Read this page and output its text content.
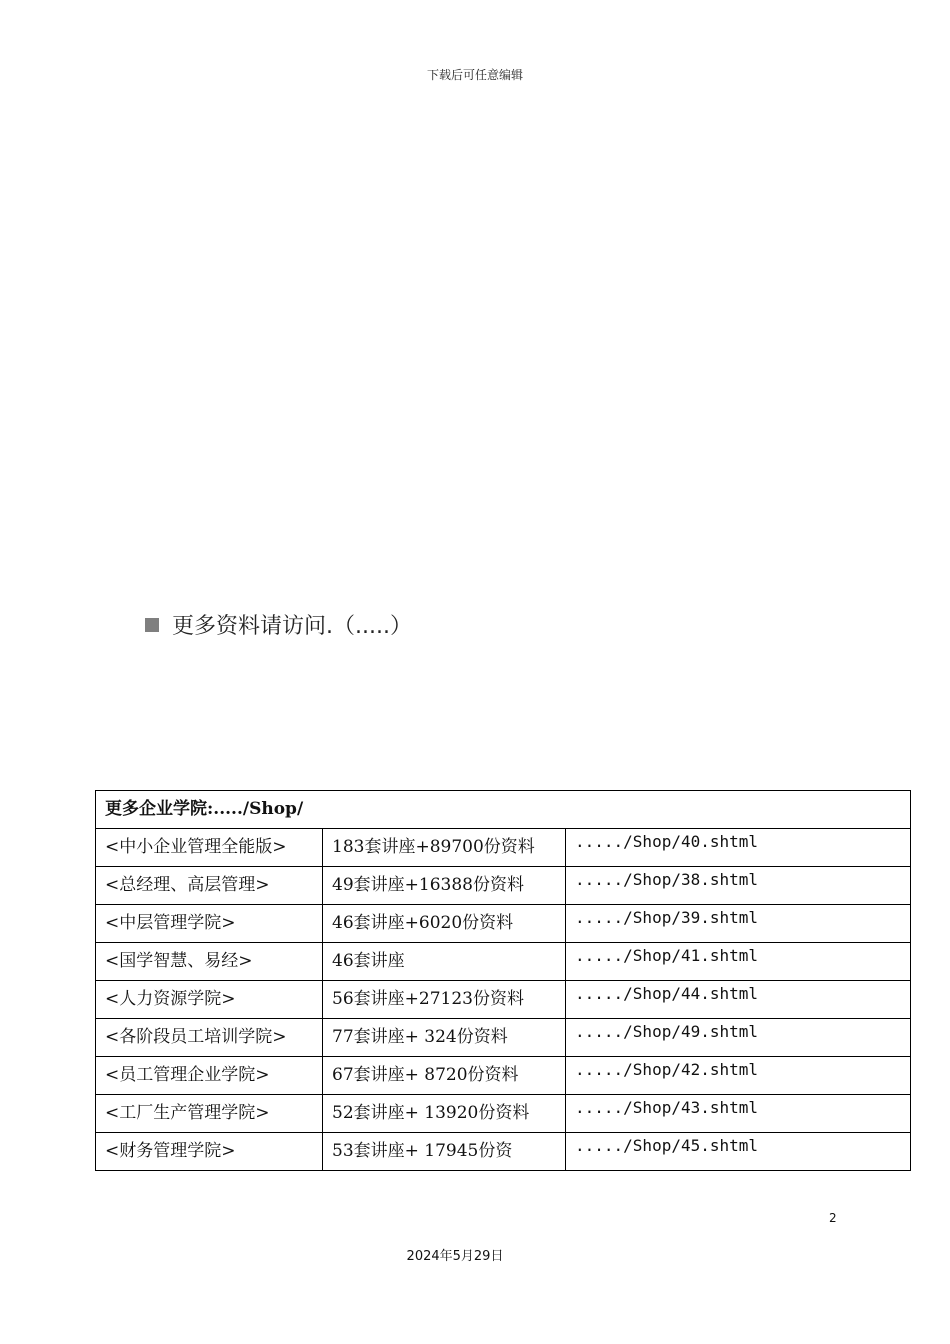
下载后可任意编辑
更多资料请访问.（.....）
更多企业学院:...../Shop/		
<中小企业管理全能版>	183套讲座+89700份资料	...../Shop/40.shtml
<总经理、高层管理>	49套讲座+16388份资料	...../Shop/38.shtml
<中层管理学院>	46套讲座+6020份资料	...../Shop/39.shtml
<国学智慧、易经>	46套讲座	...../Shop/41.shtml
<人力资源学院>	56套讲座+27123份资料	...../Shop/44.shtml
<各阶段员工培训学院>	77套讲座+ 324份资料	...../Shop/49.shtml
<员工管理企业学院>	67套讲座+ 8720份资料	...../Shop/42.shtml
<工厂生产管理学院>	52套讲座+ 13920份资料	...../Shop/43.shtml
<财务管理学院>	53套讲座+ 17945份资	...../Shop/45.shtml
2
2024年5月29日
